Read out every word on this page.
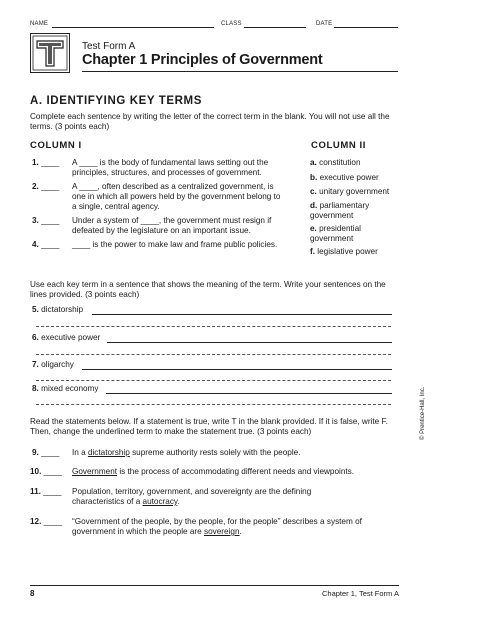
NAME	CLASS	DATE
Test Form A
Chapter 1 Principles of Government
A. IDENTIFYING KEY TERMS
Complete each sentence by writing the letter of the correct term in the blank. You will not use all the terms. (3 points each)
COLUMN I	COLUMN II
1. ____ A ____ is the body of fundamental laws setting out the principles, structures, and processes of government.
2. ____ A ____, often described as a centralized government, is one in which all powers held by the government belong to a single, central agency.
3. ____ Under a system of ____, the government must resign if defeated by the legislature on an important issue.
4. ____ ____ is the power to make law and frame public policies.
a. constitution
b. executive power
c. unitary government
d. parliamentary government
e. presidential government
f. legislative power
Use each key term in a sentence that shows the meaning of the term. Write your sentences on the lines provided. (3 points each)
5. dictatorship
6. executive power
7. oligarchy
8. mixed economy
Read the statements below. If a statement is true, write T in the blank provided. If it is false, write F. Then, change the underlined term to make the statement true. (3 points each)
9. ____ In a dictatorship supreme authority rests solely with the people.
10. ____ Government is the process of accommodating different needs and viewpoints.
11. ____ Population, territory, government, and sovereignty are the defining characteristics of a autocracy.
12. ____ “Government of the people, by the people, for the people” describes a system of government in which the people are sovereign.
© Prentice-Hall, Inc.
8	Chapter 1, Test Form A
